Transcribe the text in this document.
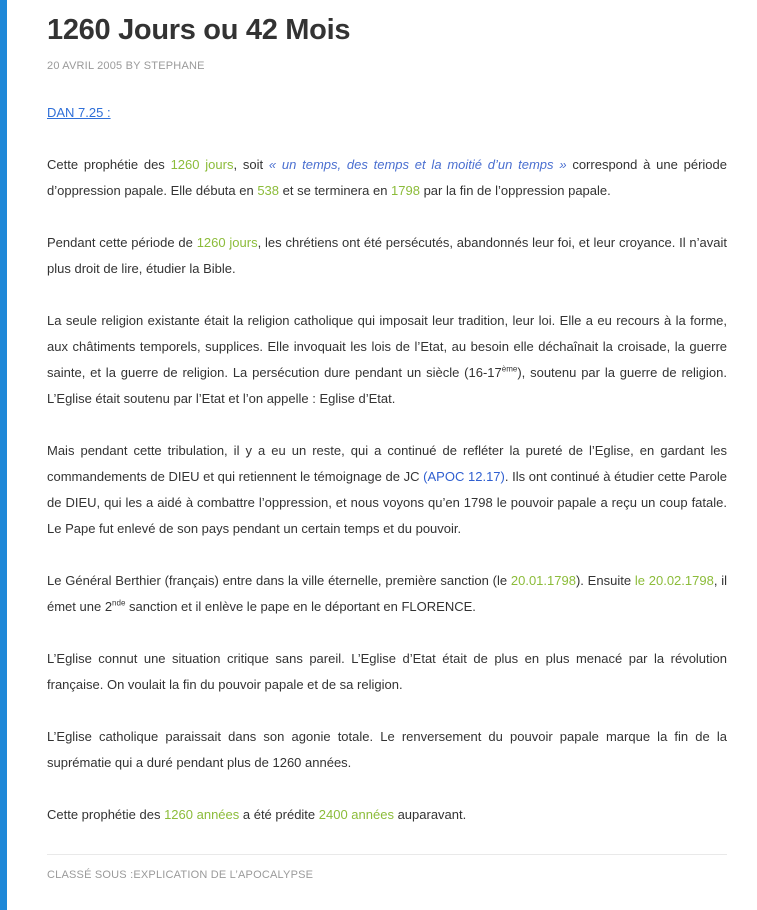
1260 Jours ou 42 Mois
20 AVRIL 2005 BY STEPHANE
DAN 7.25 :

Cette prophétie des 1260 jours, soit « un temps, des temps et la moitié d’un temps » correspond à une période d’oppression papale. Elle débuta en 538 et se terminera en 1798 par la fin de l’oppression papale.

Pendant cette période de 1260 jours, les chrétiens ont été persécutés, abandonnés leur foi, et leur croyance. Il n’avait plus droit de lire, étudier la Bible.

La seule religion existante était la religion catholique qui imposait leur tradition, leur loi. Elle a eu recours à la forme, aux châtiments temporels, supplices. Elle invoquait les lois de l’Etat, au besoin elle déchaînait la croisade, la guerre sainte, et la guerre de religion. La persécution dure pendant un siècle (16-17ème), soutenu par la guerre de religion. L’Eglise était soutenu par l’Etat et l’on appelle : Eglise d’Etat.

Mais pendant cette tribulation, il y a eu un reste, qui a continué de refléter la pureté de l’Eglise, en gardant les commandements de DIEU et qui retiennent le témoignage de JC (APOC 12.17). Ils ont continué à étudier cette Parole de DIEU, qui les a aidé à combattre l’oppression, et nous voyons qu’en 1798 le pouvoir papale a reçu un coup fatale. Le Pape fut enlevé de son pays pendant un certain temps et du pouvoir.

Le Général Berthier (français) entre dans la ville éternelle, première sanction (le 20.01.1798). Ensuite le 20.02.1798, il émet une 2nde sanction et il enlève le pape en le déportant en FLORENCE.

L’Eglise connut une situation critique sans pareil. L’Eglise d’Etat était de plus en plus menacé par la révolution française. On voulait la fin du pouvoir papale et de sa religion.

L’Eglise catholique paraissait dans son agonie totale. Le renversement du pouvoir papale marque la fin de la suprématie qui a duré pendant plus de 1260 années.

Cette prophétie des 1260 années a été prédite 2400 années auparavant.

CLASSÉ SOUS :EXPLICATION DE L’APOCALYPSE
